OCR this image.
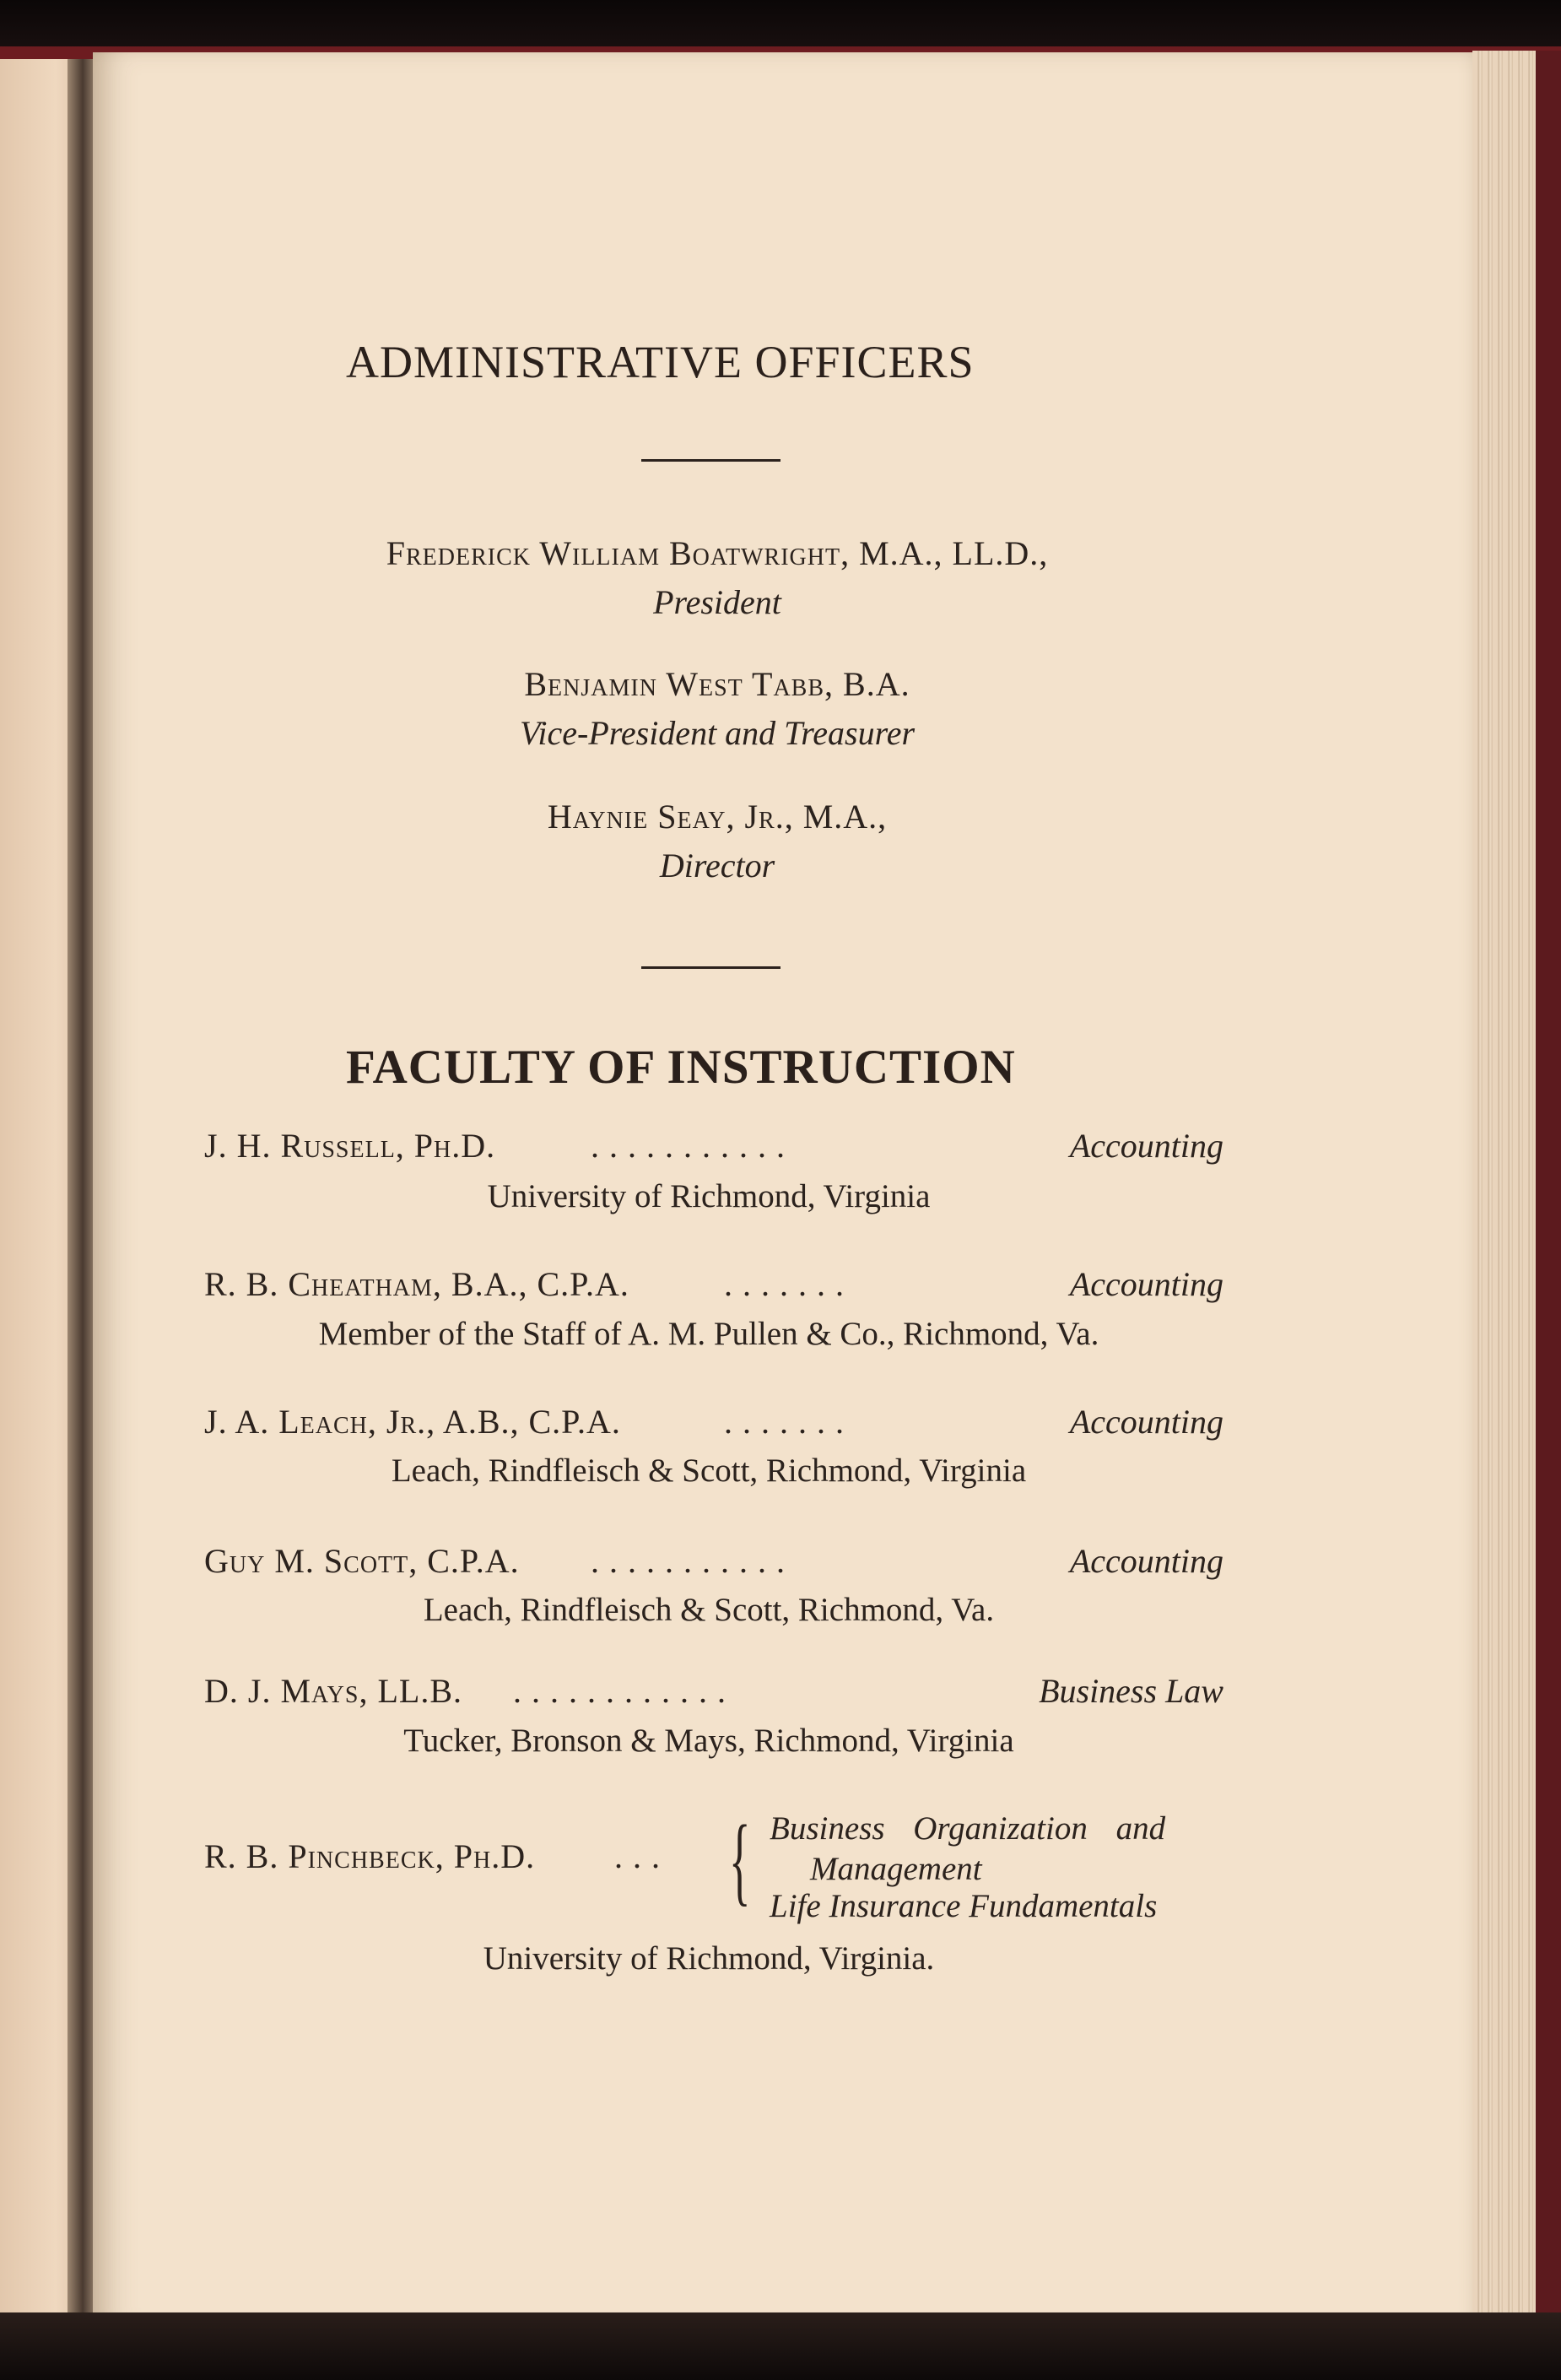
ADMINISTRATIVE OFFICERS
Frederick William Boatwright, M.A., LL.D.,
President
Benjamin West Tabb, B.A.
Vice-President and Treasurer
Haynie Seay, Jr., M.A.,
Director
FACULTY OF INSTRUCTION
J. H. Russell, Ph.D.	...........	Accounting
University of Richmond, Virginia
R. B. Cheatham, B.A., C.P.A.	.......	Accounting
Member of the Staff of A. M. Pullen & Co., Richmond, Va.
J. A. Leach, Jr., A.B., C.P.A.	.......	Accounting
Leach, Rindfleisch & Scott, Richmond, Virginia
Guy M. Scott, C.P.A. ...........	Accounting
Leach, Rindfleisch & Scott, Richmond, Va.
D. J. Mays, LL.B. ............	Business Law
Tucker, Bronson & Mays, Richmond, Virginia
R. B. Pinchbeck, Ph.D. ... { Business Organization and
Management
Life Insurance Fundamentals
University of Richmond, Virginia.
